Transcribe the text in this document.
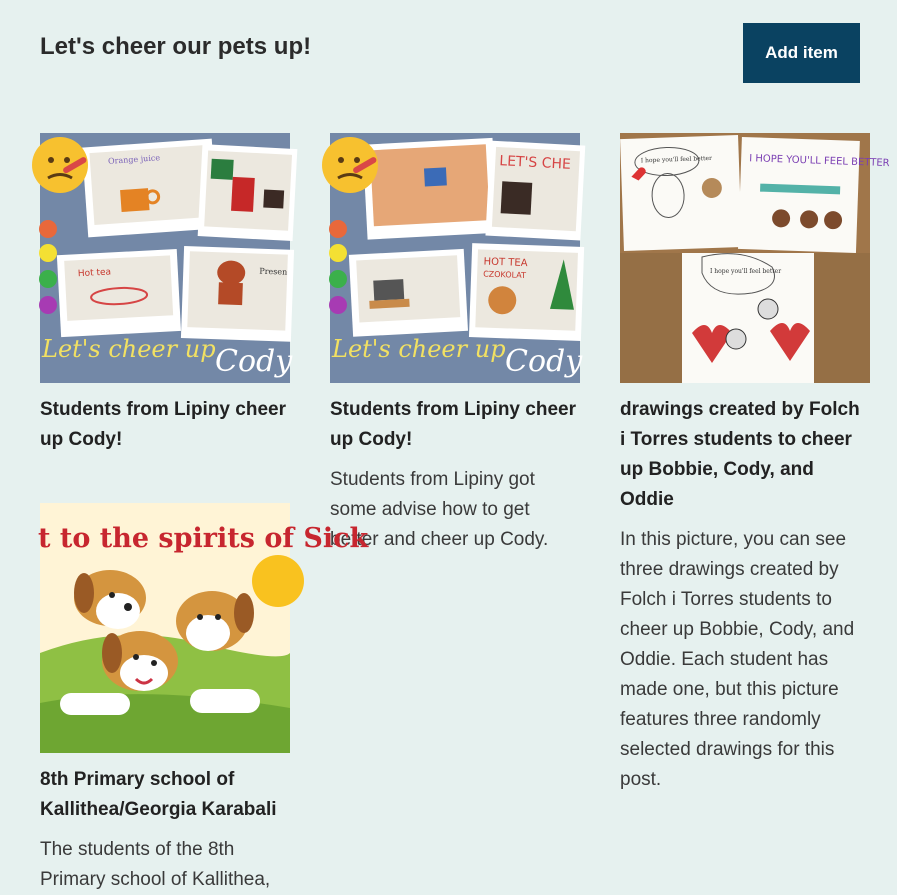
Let's cheer our pets up!	Add item
Orange juice
Hot tea	Presen
Let's cheer up Cody

Students from Lipiny cheer up Cody!

LET'S CHE
HOT TEA
CZOKOLAT
Let's cheer up Cody

Students from Lipiny cheer up Cody!

Students from Lipiny got some advise how to get better and cheer up Cody.

I hope you'll feel better	I HOPE YOU'LL FEEL BETTER
I hope you'll feel better

drawings created by Folch i Torres students to cheer up Bobbie, Cody, and Oddie

In this picture, you can see three drawings created by Folch i Torres students to cheer up Bobbie, Cody, and Oddie. Each student has made one, but this picture features three randomly selected drawings for this post.

t to the spirits of Sick

8th Primary school of Kallithea/Georgia Karabali

The students of the 8th Primary school of Kallithea,
